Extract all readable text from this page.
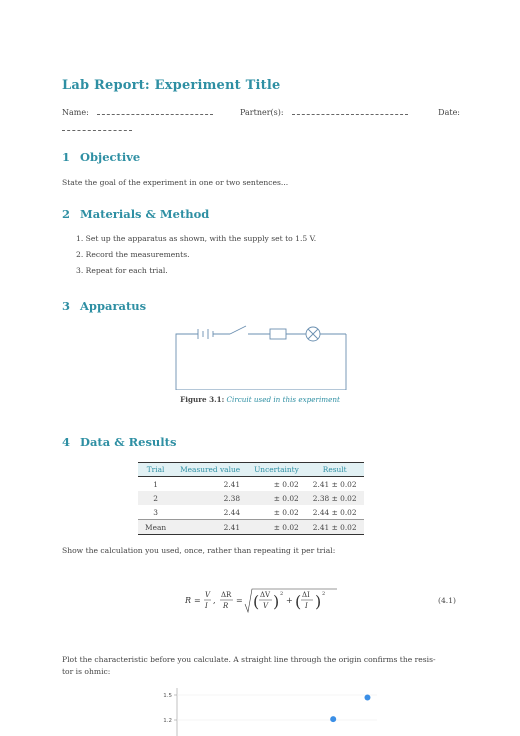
Lab Report: Experiment Title
Name:	Partner(s):	Date:
1 Objective
State the goal of the experiment in one or two sentences...
2 Materials & Method
1. Set up the apparatus as shown, with the supply set to 1.5 V.
2. Record the measurements.
3. Repeat for each trial.
3 Apparatus
Figure 3.1: Circuit used in this experiment
4 Data & Results
Trial	Measured value	Uncertainty	Result
1	2.41	± 0.02	2.41 ± 0.02
2	2.38	± 0.02	2.38 ± 0.02
3	2.44	± 0.02	2.44 ± 0.02
Mean	2.41	± 0.02	2.41 ± 0.02
Show the calculation you used, once, rather than repeating it per trial:
R =
V
I
,
ΔR
R
= ( ΔV
V ) 2
+ ( ΔI
I ) 2
(4.1)
Plot the characteristic before you calculate. A straight line through the origin confirms the resis-
tor is ohmic:
1.5
1.2
